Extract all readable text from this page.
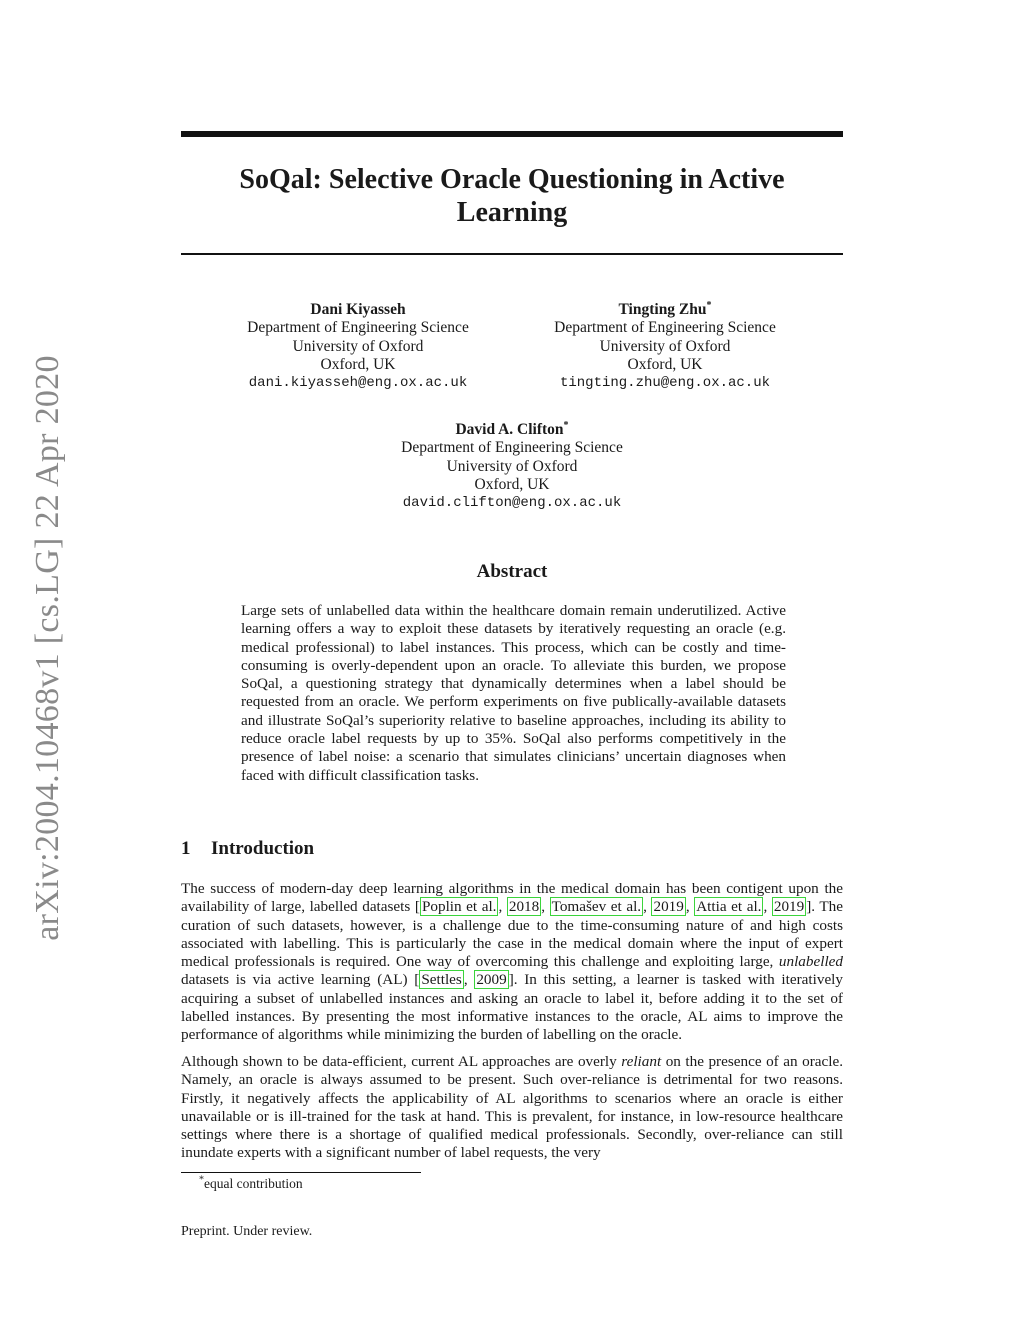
arXiv:2004.10468v1 [cs.LG] 22 Apr 2020
SoQal: Selective Oracle Questioning in Active Learning
Dani Kiyasseh
Department of Engineering Science
University of Oxford
Oxford, UK
dani.kiyasseh@eng.ox.ac.uk
Tingting Zhu*
Department of Engineering Science
University of Oxford
Oxford, UK
tingting.zhu@eng.ox.ac.uk
David A. Clifton*
Department of Engineering Science
University of Oxford
Oxford, UK
david.clifton@eng.ox.ac.uk
Abstract

Large sets of unlabelled data within the healthcare domain remain underutilized. Active learning offers a way to exploit these datasets by iteratively requesting an oracle (e.g. medical professional) to label instances. This process, which can be costly and time-consuming is overly-dependent upon an oracle. To alleviate this burden, we propose SoQal, a questioning strategy that dynamically determines when a label should be requested from an oracle. We perform experiments on five publically-available datasets and illustrate SoQal’s superiority relative to baseline approaches, including its ability to reduce oracle label requests by up to 35%. SoQal also performs competitively in the presence of label noise: a scenario that simulates clinicians’ uncertain diagnoses when faced with difficult classification tasks.

1 Introduction

The success of modern-day deep learning algorithms in the medical domain has been contigent upon the availability of large, labelled datasets [ Poplin et al. , 2018 , Tomašev et al. , 2019 , Attia et al. , 2019 ]. The curation of such datasets, however, is a challenge due to the time-consuming nature of and high costs associated with labelling. This is particularly the case in the medical domain where the input of expert medical professionals is required. One way of overcoming this challenge and exploiting large, unlabelled datasets is via active learning (AL) [ Settles , 2009 ]. In this setting, a learner is tasked with iteratively acquiring a subset of unlabelled instances and asking an oracle to label it, before adding it to the set of labelled instances. By presenting the most informative instances to the oracle, AL aims to improve the performance of algorithms while minimizing the burden of labelling on the oracle.

Although shown to be data-efficient, current AL approaches are overly reliant on the presence of an oracle. Namely, an oracle is always assumed to be present. Such over-reliance is detrimental for two reasons. Firstly, it negatively affects the applicability of AL algorithms to scenarios where an oracle is either unavailable or is ill-trained for the task at hand. This is prevalent, for instance, in low-resource healthcare settings where there is a shortage of qualified medical professionals. Secondly, over-reliance can still inundate experts with a significant number of label requests, the very

*equal contribution
Preprint. Under review.
